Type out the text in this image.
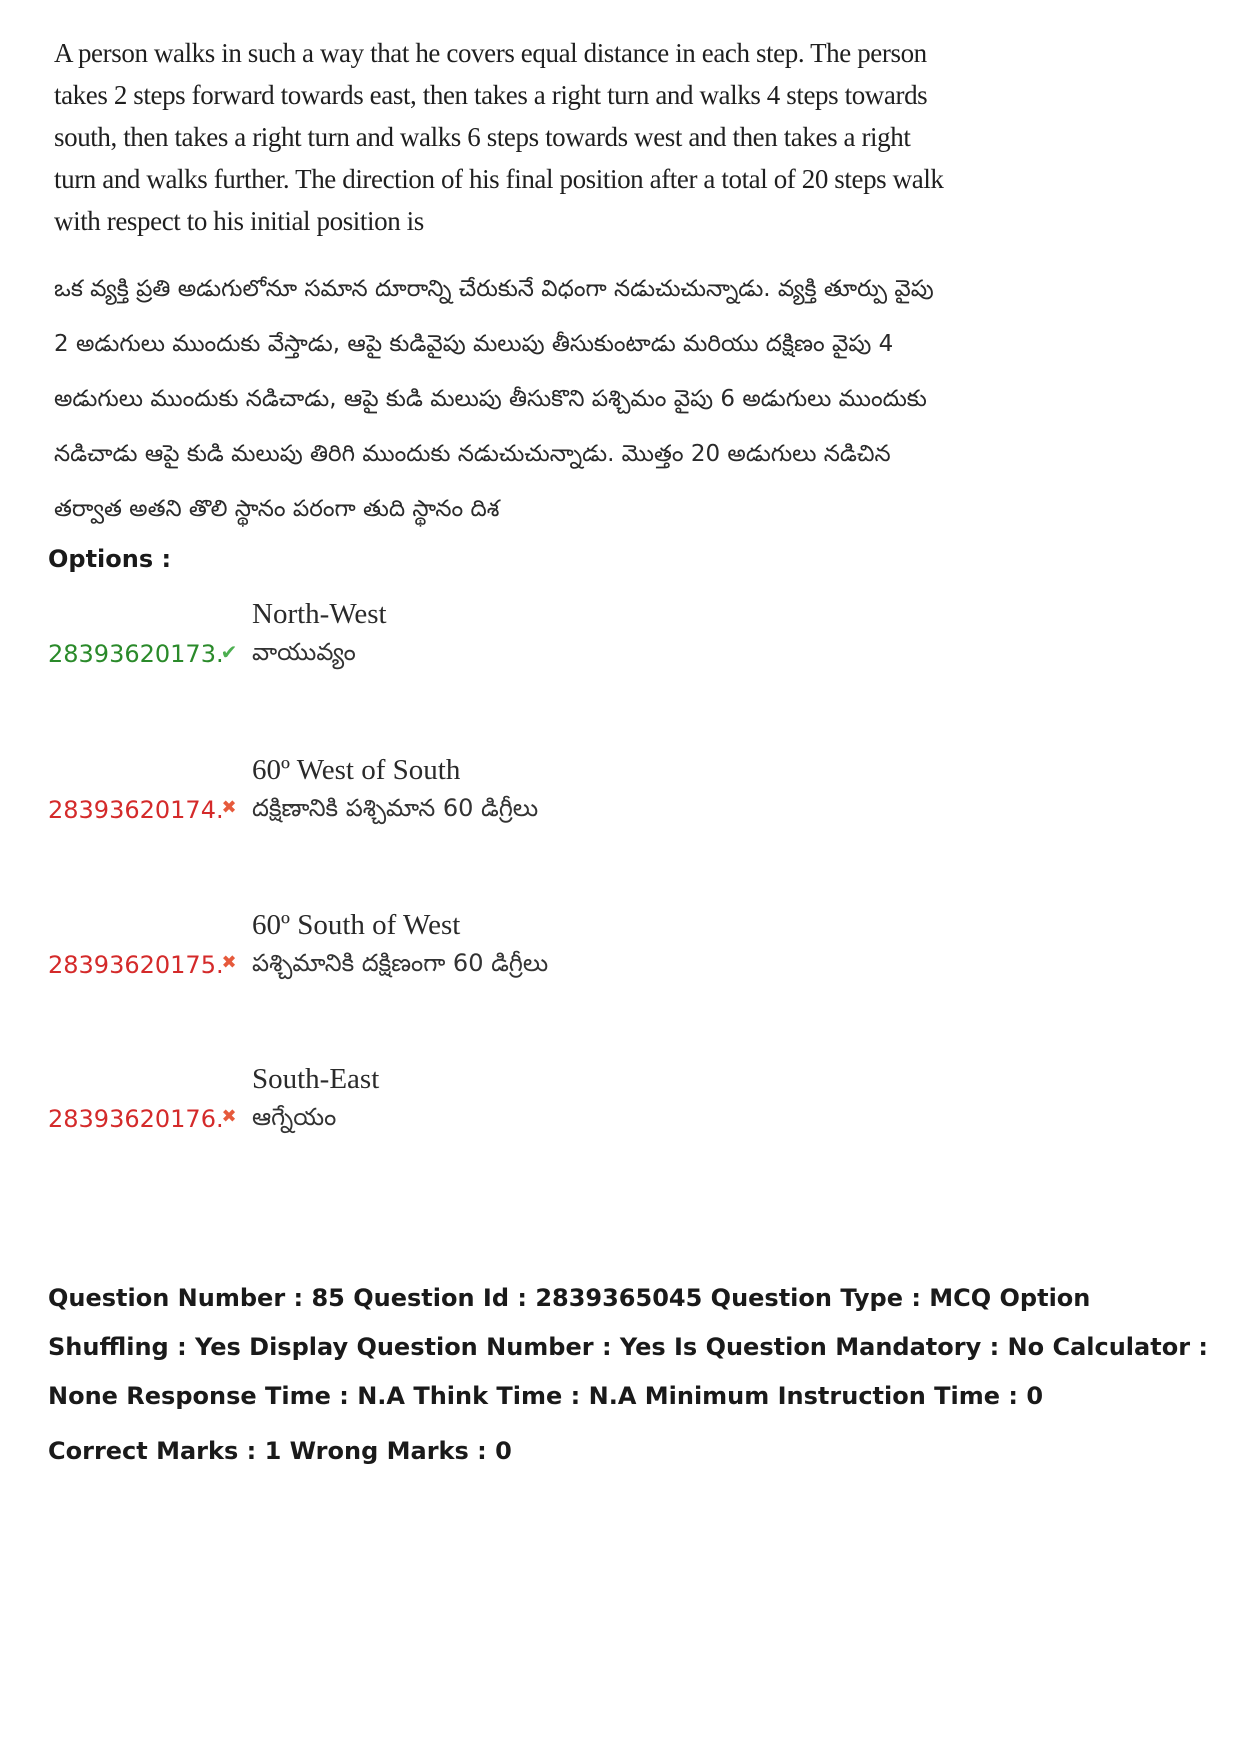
A person walks in such a way that he covers equal distance in each step. The person takes 2 steps forward towards east, then takes a right turn and walks 4 steps towards south, then takes a right turn and walks 6 steps towards west and then takes a right turn and walks further. The direction of his final position after a total of 20 steps walk with respect to his initial position is

ఒక వ్యక్తి ప్రతి అడుగులోనూ సమాన దూరాన్ని చేరుకునే విధంగా నడుచుచున్నాడు. వ్యక్తి తూర్పు వైపు 2 అడుగులు ముందుకు వేస్తాడు, ఆపై కుడివైపు మలుపు తీసుకుంటాడు మరియు దక్షిణం వైపు 4 అడుగులు ముందుకు నడిచాడు, ఆపై కుడి మలుపు తీసుకొని పశ్చిమం వైపు 6 అడుగులు ముందుకు నడిచాడు ఆపై కుడి మలుపు తిరిగి ముందుకు నడుచుచున్నాడు. మొత్తం 20 అడుగులు నడిచిన తర్వాత అతని తొలి స్థానం పరంగా తుది స్థానం దిశ

Options :

28393620173.
✔
North-West
వాయువ్యం
28393620174.
✖
60º West of South
దక్షిణానికి పశ్చిమాన 60 డిగ్రీలు
28393620175.
✖
60º South of West
పశ్చిమానికి దక్షిణంగా 60 డిగ్రీలు
28393620176.
✖
South-East
ఆగ్నేయం

Question Number : 85 Question Id : 2839365045 Question Type : MCQ Option Shuffling : Yes Display Question Number : Yes Is Question Mandatory : No Calculator : None Response Time : N.A Think Time : N.A Minimum Instruction Time : 0

Correct Marks : 1 Wrong Marks : 0
